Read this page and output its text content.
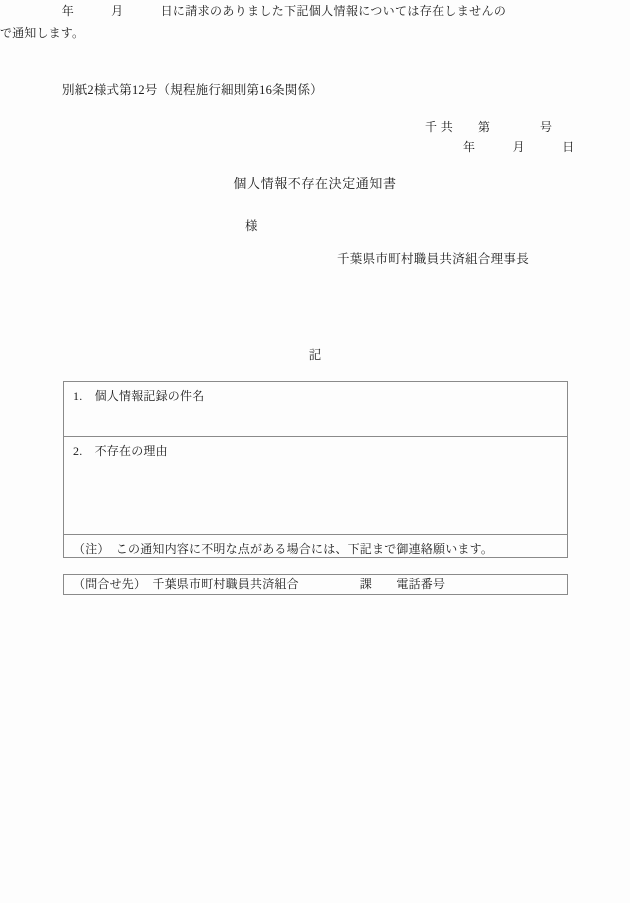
別紙2様式第12号（規程施行細則第16条関係）
千 共　　第　　　　号
年　　　月　　　日
個人情報不存在決定通知書
様
千葉県市町村職員共済組合理事長
　　　　　年　　　月　　　日に請求のありました下記個人情報については存在しませんので通知します。
記
1.　個人情報記録の件名
2.　不存在の理由
（注）　この通知内容に不明な点がある場合には、下記まで御連絡願います。
（問合せ先）　千葉県市町村職員共済組合　　　　　課　　電話番号
